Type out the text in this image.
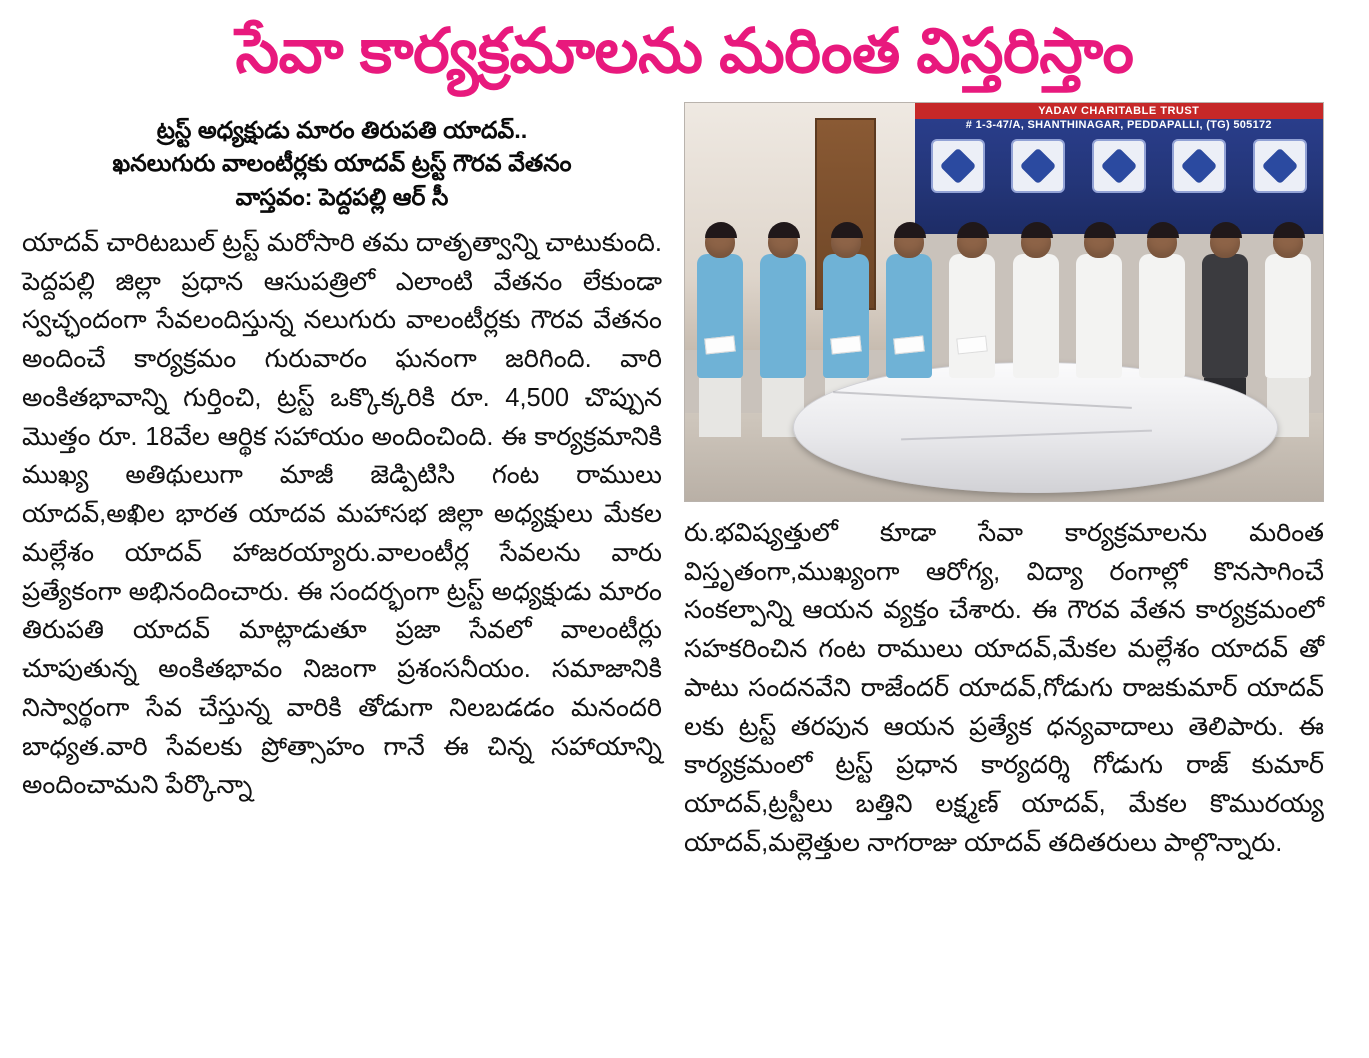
సేవా కార్యక్రమాలను మరింత విస్తరిస్తాం
ట్రస్ట్ అధ్యక్షుడు మారం తిరుపతి యాదవ్..
ఖనలుగురు వాలంటీర్లకు యాదవ్ ట్రస్ట్ గౌరవ వేతనం
వాస్తవం: పెద్దపల్లి ఆర్ సీ

యాదవ్ చారిటబుల్ ట్రస్ట్ మరోసారి తమ దాతృత్వాన్ని చాటుకుంది. పెద్దపల్లి జిల్లా ప్రధాన ఆసుపత్రిలో ఎలాంటి వేతనం లేకుండా స్వచ్ఛందంగా సేవలందిస్తున్న నలుగురు వాలంటీర్లకు గౌరవ వేతనం అందించే కార్యక్రమం గురువారం ఘనంగా జరిగింది. వారి అంకితభావాన్ని గుర్తించి, ట్రస్ట్ ఒక్కొక్కరికి రూ. 4,500 చొప్పున మొత్తం రూ. 18వేల ఆర్థిక సహాయం అందించింది. ఈ కార్యక్రమానికి ముఖ్య అతిథులుగా మాజీ జెడ్పిటిసి గంట రాములు యాదవ్,అఖిల భారత యాదవ మహాసభ జిల్లా అధ్యక్షులు మేకల మల్లేశం యాదవ్ హాజరయ్యారు.వాలంటీర్ల సేవలను వారు ప్రత్యేకంగా అభినందించారు. ఈ సందర్భంగా ట్రస్ట్ అధ్యక్షుడు మారం తిరుపతి యాదవ్ మాట్లాడుతూ ప్రజా సేవలో వాలంటీర్లు చూపుతున్న అంకితభావం నిజంగా ప్రశంసనీయం. సమాజానికి నిస్వార్థంగా సేవ చేస్తున్న వారికి తోడుగా నిలబడడం మనందరి బాధ్యత.వారి సేవలకు ప్రోత్సాహం గానే ఈ చిన్న సహాయాన్ని అందించామని పేర్కొన్నా

YADAV CHARITABLE TRUST
# 1-3-47/A, SHANTHINAGAR, PEDDAPALLI, (TG) 505172

రు.భవిష్యత్తులో కూడా సేవా కార్యక్రమాలను మరింత విస్తృతంగా,ముఖ్యంగా ఆరోగ్య, విద్యా రంగాల్లో కొనసాగించే సంకల్పాన్ని ఆయన వ్యక్తం చేశారు. ఈ గౌరవ వేతన కార్యక్రమంలో సహకరించిన గంట రాములు యాదవ్,మేకల మల్లేశం యాదవ్ తో పాటు సందనవేని రాజేందర్ యాదవ్,గోడుగు రాజకుమార్ యాదవ్ లకు ట్రస్ట్ తరపున ఆయన ప్రత్యేక ధన్యవాదాలు తెలిపారు. ఈ కార్యక్రమంలో ట్రస్ట్ ప్రధాన కార్యదర్శి గోడుగు రాజ్ కుమార్ యాదవ్,ట్రస్టీలు బత్తిని లక్ష్మణ్ యాదవ్, మేకల కొమురయ్య యాదవ్,మల్లెత్తుల నాగరాజు యాదవ్ తదితరులు పాల్గొన్నారు.
